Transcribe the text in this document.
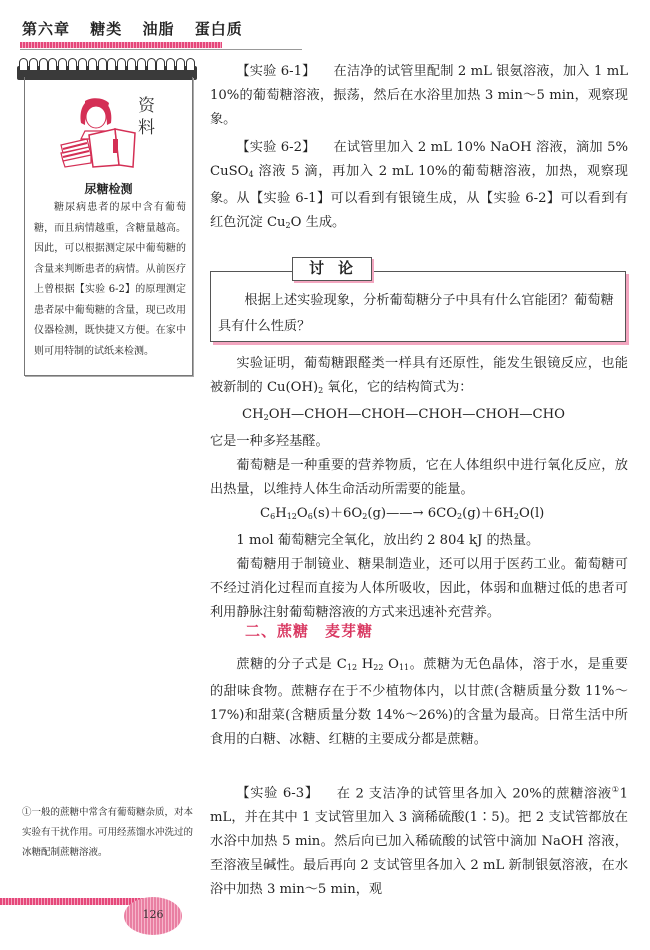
第六章 糖类 油脂 蛋白质
资料
尿糖检测
糖尿病患者的尿中含有葡萄糖，而且病情越重，含糖量越高。因此，可以根据测定尿中葡萄糖的含量来判断患者的病情。从前医疗上曾根据【实验 6-2】的原理测定患者尿中葡萄糖的含量，现已改用仪器检测，既快捷又方便。在家中则可用特制的试纸来检测。
①一般的蔗糖中常含有葡萄糖杂质，对本实验有干扰作用。可用经蒸馏水冲洗过的冰糖配制蔗糖溶液。

【实验 6-1】 在洁净的试管里配制 2 mL 银氨溶液，加入 1 mL 10%的葡萄糖溶液，振荡，然后在水浴里加热 3 min～5 min，观察现象。

【实验 6-2】 在试管里加入 2 mL 10% NaOH 溶液，滴加 5% CuSO$_4$ 溶液 5 滴，再加入 2 mL 10%的葡萄糖溶液，加热，观察现象。 从【实验 6-1】可以看到有银镜生成，从【实验 6-2】可以看到有红色沉淀 $Cu_2O$ 生成。

讨论

根据上述实验现象，分析葡萄糖分子中具有什么官能团？葡萄糖具有什么性质？

实验证明，葡萄糖跟醛类一样具有还原性，能发生银镜反应，也能被新制的 $Cu(OH)_2$ 氧化，它的结构简式为：

$CH_2OH—CHOH—CHOH—CHOH—CHOH—CHO$

它是一种多羟基醛。

葡萄糖是一种重要的营养物质，它在人体组织中进行氧化反应，放出热量，以维持人体生命活动所需要的能量。

$C_6H_{12}O_6(s)+6O_2(g)——\to 6CO_2(g)+6H_2O(l)$

1 mol 葡萄糖完全氧化，放出约 2 804 kJ 的热量。

葡萄糖用于制镜业、糖果制造业，还可以用于医药工业。葡萄糖可不经过消化过程而直接为人体所吸收，因此，体弱和血糖过低的患者可利用静脉注射葡萄糖溶液的方式来迅速补充营养。

二、蔗糖　麦芽糖

蔗糖的分子式是 $C_{12}$ $H_{22}$ $O_{11}$。蔗糖为无色晶体，溶于水，是重要的甜味食物。蔗糖存在于不少植物体内，以甘蔗(含糖质量分数 11%～17%)和甜菜(含糖质量分数 14%～26%)的含量为最高。日常生活中所食用的白糖、冰糖、红糖的主要成分都是蔗糖。

【实验 6-3】 在 2 支洁净的试管里各加入 20%的蔗糖溶液①1 mL，并在其中 1 支试管里加入 3 滴稀硫酸(1∶5)。把 2 支试管都放在水浴中加热 5 min。然后向已加入稀硫酸的试管中滴加 NaOH 溶液，至溶液呈碱性。最后再向 2 支试管里各加入 2 mL 新制银氨溶液，在水浴中加热 3 min～5 min，观

126
